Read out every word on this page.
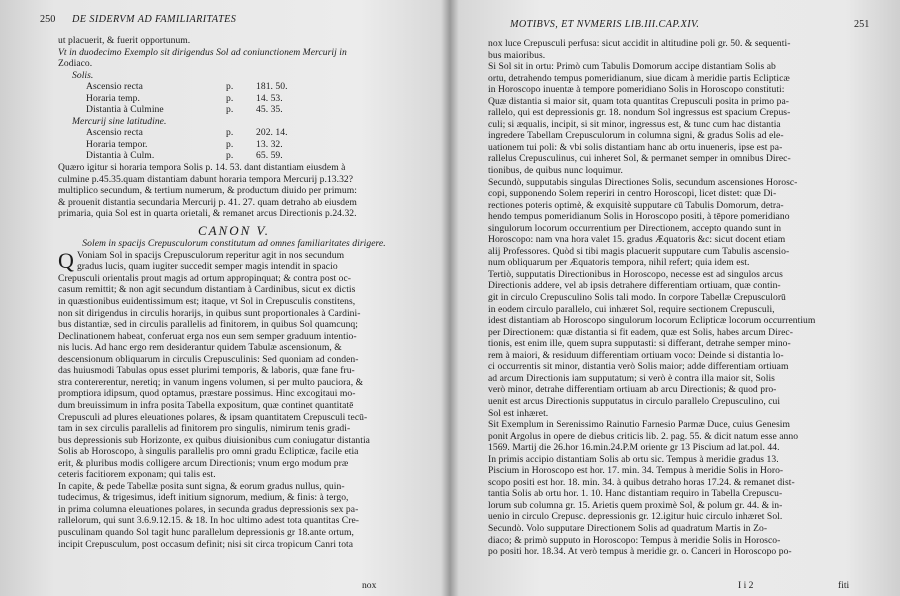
250 DE SIDERVM AD FAMILIARITATES
ut placuerit, & fuerit opportunum.
Vt in duodecimo Exemplo sit dirigendus Sol ad coniunctionem Mercurij in
Zodiaco.
Solis.
Ascensio recta	p.	181. 50.
Horaria temp.	p.	14. 53.
Distantia à Culmine	p.	45. 35.
Mercurij sine latitudine.
Ascensio recta	p.	202. 14.
Horaria tempor.	p.	13. 32.
Distantia à Culm.	p.	65. 59.
Quæro igitur si horaria tempora Solis p. 14. 53. dant distantiam eiusdem à
culmine p.45.35.quam distantiam dabunt horaria tempora Mercurij p.13.32?
multiplico secundum, & tertium numerum, & productum diuido per primum:
& prouenit distantia secundaria Mercurij p. 41. 27. quam detraho ab eiusdem
primaria, quia Sol est in quarta orietali, & remanet arcus Directionis p.24.32.
CANON V.
Solem in spacijs Crepusculorum constitutum ad omnes familiaritates dirigere.
Q Voniam Sol in spacijs Crepusculorum reperitur agit in nos secundum
gradus lucis, quam iugiter succedit semper magis intendit in spacio
Crepusculi orientalis prout magis ad ortum appropinquat; & contra post oc-
casum remittit; & non agit secundum distantiam à Cardinibus, sicut ex dictis
in quæstionibus euidentissimum est; itaque, vt Sol in Crepusculis constitens,
non sit dirigendus in circulis horarijs, in quibus sunt proportionales à Cardini-
bus distantiæ, sed in circulis parallelis ad finitorem, in quibus Sol quamcunq;
Declinationem habeat, conferuat erga nos eun sem semper graduum intentio-
nis lucis. Ad hanc ergo rem desiderantur quidem Tabulæ ascensionum, &
descensionum obliquarum in circulis Crepusculinis: Sed quoniam ad conden-
das huiusmodi Tabulas opus esset plurimi temporis, & laboris, quæ fane fru-
stra contererentur, neretiq; in vanum ingens volumen, si per multo pauciora, &
promptiora idipsum, quod optamus, præstare possimus. Hinc excogitaui mo-
dum breuissimum in infra posita Tabella expositum, quæ continet quantitatē
Crepusculi ad plures eleuationes polares, & ipsam quantitatem Crepusculi tecū-
tam in sex circulis parallelis ad finitorem pro singulis, nimirum tenis gradi-
bus depressionis sub Horizonte, ex quibus diuisionibus cum coniugatur distantia
Solis ab Horoscopo, à singulis parallelis pro omni gradu Eclipticæ, facile etia
erit, & pluribus modis colligere arcum Directionis; vnum ergo modum præ
ceteris facitiorem exponam; qui talis est.
In capite, & pede Tabellæ posita sunt signa, & eorum gradus nullus, quin-
tudecimus, & trigesimus, ideft initium signorum, medium, & finis: à tergo,
in prima columna eleuationes polares, in secunda gradus depressionis sex pa-
rallelorum, qui sunt 3.6.9.12.15. & 18. In hoc ultimo adest tota quantitas Cre-
pusculinam quando Sol tagit hunc parallelum depressionis gr 18.ante ortum,
incipit Crepusculum, post occasum definit; nisi sit circa tropicum Canri tota
nox
MOTIBVS, ET NVMERIS LIB.III.CAP.XIV.	251
nox luce Crepusculi perfusa: sicut accidit in altitudine poli gr. 50. & sequenti-
bus maioribus.
Si Sol sit in ortu: Primò cum Tabulis Domorum accipe distantiam Solis ab
ortu, detrahendo tempus pomeridianum, siue dicam à meridie partis Eclipticæ
in Horoscopo inuentæ à tempore pomeridiano Solis in Horoscopo constituti:
Quæ distantia si maior sit, quam tota quantitas Crepusculi posita in primo pa-
rallelo, qui est depressionis gr. 18. nondum Sol ingressus est spacium Crepus-
culi; si æqualis, incipit, si sit minor, ingressus est, & tunc cum hac distantia
ingredere Tabellam Crepusculorum in columna signi, & gradus Solis ad ele-
uationem tui poli: & vbi solis distantiam hanc ab ortu inueneris, ipse est pa-
rallelus Crepusculinus, cui inheret Sol, & permanet semper in omnibus Direc-
tionibus, de quibus nunc loquimur.
Secundò, supputabis singulas Directiones Solis, secundum ascensiones Horosc-
copi, supponendo Solem reperiri in centro Horoscopi, licet distet: quæ Di-
rectiones poteris optimè, & exquisitè supputare cū Tabulis Domorum, detra-
hendo tempus pomeridianum Solis in Horoscopo positi, à tēpore pomeridiano
singulorum locorum occurrentium per Directionem, accepto quando sunt in
Horoscopo: nam vna hora valet 15. gradus Æquatoris &c: sicut docent etiam
alij Professores. Quòd si tibi magis placuerit supputare cum Tabulis ascensio-
num obliquarum per Æquatoris tempora, nihil refert; quia idem est.
Tertiò, supputatis Directionibus in Horoscopo, necesse est ad singulos arcus
Directionis addere, vel ab ipsis detrahere differentiam ortiuam, quæ contin-
git in circulo Crepusculino Solis tali modo. In corpore Tabellæ Crepusculorū
in eodem circulo parallelo, cui inhæret Sol, require sectionem Crepusculi,
idest distantiam ab Horoscopo singulorum locorum Eclipticæ locorum occurrentium
per Directionem: quæ distantia si fit eadem, quæ est Solis, habes arcum Direc-
tionis, est enim ille, quem supra supputasti: si differant, detrahe semper mino-
rem à maiori, & residuum differentiam ortiuam voco: Deinde si distantia lo-
ci occurrentis sit minor, distantia verò Solis maior; adde differentiam ortiuam
ad arcum Directionis iam supputatum; si verò è contra illa maior sit, Solis
verò minor, detrahe differentiam ortiuam ab arcu Directionis; & quod pro-
uenit est arcus Directionis supputatus in circulo parallelo Crepusculino, cui
Sol est inhæret.
Sit Exemplum in Serenissimo Rainutio Farnesio Parmæ Duce, cuius Genesim
ponit Argolus in opere de diebus criticis lib. 2. pag. 55. & dicit natum esse anno
1569. Martij die 26.hor 16.min.24.P.M oriente gr 13 Piscium ad lat.pol. 44.
In primis accipio distantiam Solis ab ortu sic. Tempus à meridie gradus 13.
Piscium in Horoscopo est hor. 17. min. 34. Tempus à meridie Solis in Horo-
scopo positi est hor. 18. min. 34. à quibus detraho horas 17.24. & remanet dist-
tantia Solis ab ortu hor. 1. 10. Hanc distantiam requiro in Tabella Crepuscu-
lorum sub columna gr. 15. Arietis quem proximè Sol, & polum gr. 44. & in-
uenio in circulo Crepusc. depressionis gr. 12.igitur huic circulo inhæret Sol.
Secundò. Volo supputare Directionem Solis ad quadratum Martis in Zo-
diaco; & primò supputo in Horoscopo: Tempus à meridie Solis in Horosco-
po positi hor. 18.34. At verò tempus à meridie gr. o. Canceri in Horoscopo po-
I i 2	fiti
